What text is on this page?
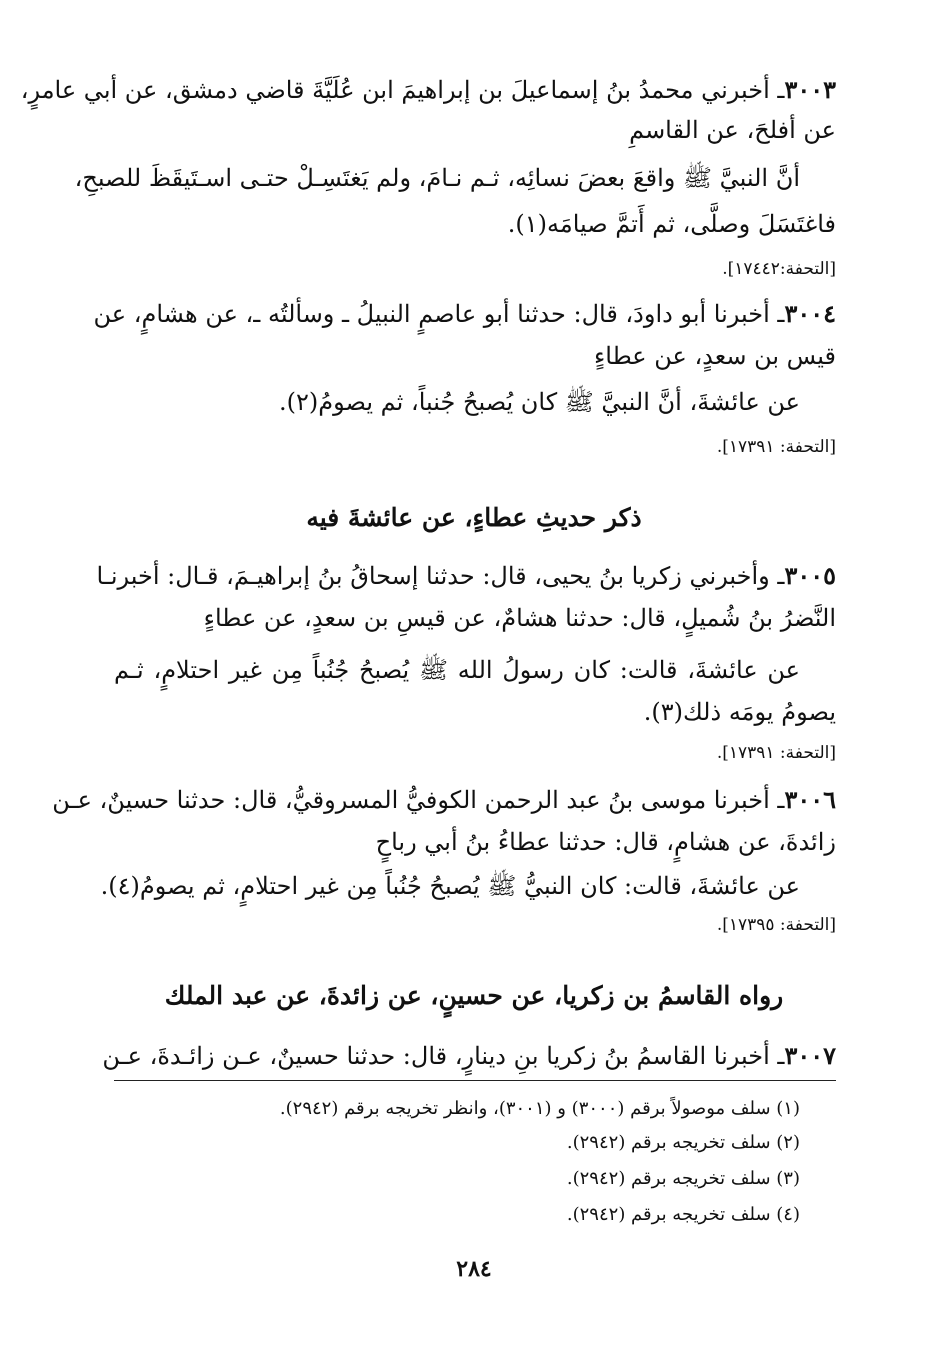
٣٠٠٣ـ أخبرني محمدُ بنُ إسماعيلَ بن إبراهيمَ ابن عُلَيَّةَ قاضي دمشق، عن أبي عامرٍ،
عن أفلحَ، عن القاسمِ
أنَّ النبيَّ ﷺ واقعَ بعضَ نسائِه، ثـم نـامَ، ولم يَغتَسِـلْ حتـى اسـتَيقَظَ للصبحِ،
فاغتَسَلَ وصلَّى، ثم أَتمَّ صيامَه(١).
[التحفة:١٧٤٤٢].
٣٠٠٤ـ أخبرنا أبو داودَ، قال: حدثنا أبو عاصمٍ النبيلُ ـ وسألتُه ـ، عن هشامٍ، عن
قيس بن سعدٍ، عن عطاءٍ
عن عائشةَ، أنَّ النبيَّ ﷺ كان يُصبحُ جُنباً، ثم يصومُ(٢).
[التحفة: ١٧٣٩١].
ذكر حديثِ عطاءٍ، عن عائشةَ فيه
٣٠٠٥ـ وأخبرني زكريا بنُ يحيى، قال: حدثنا إسحاقُ بنُ إبراهيـمَ، قـال: أخبرنـا
النَّضرُ بنُ شُميلٍ، قال: حدثنا هشامٌ، عن قيسِ بن سعدٍ، عن عطاءٍ
عن عائشةَ، قالت: كان رسولُ الله ﷺ يُصبحُ جُنُباً مِن غير احتلامٍ، ثـم
يصومُ يومَه ذلك(٣).
[التحفة: ١٧٣٩١].
٣٠٠٦ـ أخبرنا موسى بنُ عبد الرحمن الكوفيُّ المسروقيُّ، قال: حدثنا حسينٌ، عـن
زائدةَ، عن هشامٍ، قال: حدثنا عطاءُ بنُ أبي رباحٍ
عن عائشةَ، قالت: كان النبيُّ ﷺ يُصبحُ جُنُباً مِن غير احتلامٍ، ثم يصومُ(٤).
[التحفة: ١٧٣٩٥].
رواه القاسمُ بن زكريا، عن حسينٍ، عن زائدةَ، عن عبد الملك
٣٠٠٧ـ أخبرنا القاسمُ بنُ زكريا بنِ دينارٍ، قال: حدثنا حسينٌ، عـن زائـدةَ، عـن
(١) سلف موصولاً برقم (٣٠٠٠) و (٣٠٠١)، وانظر تخريجه برقم (٢٩٤٢).
(٢) سلف تخريجه برقم (٢٩٤٢).
(٣) سلف تخريجه برقم (٢٩٤٢).
(٤) سلف تخريجه برقم (٢٩٤٢).
٢٨٤
